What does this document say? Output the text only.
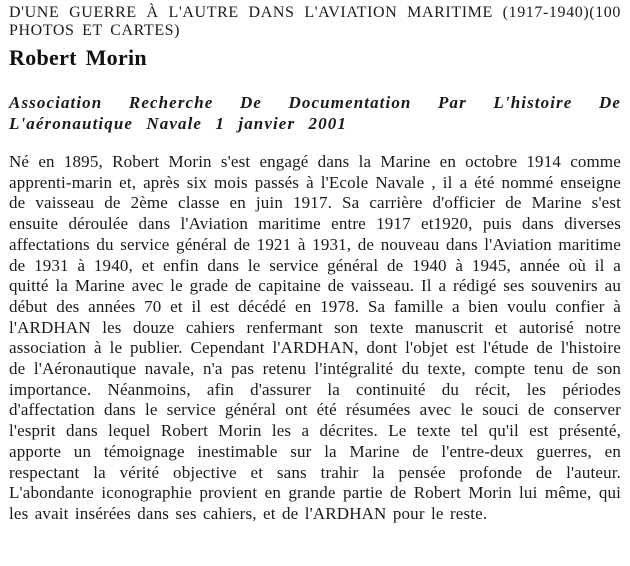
D'UNE GUERRE À L'AUTRE DANS L'AVIATION MARITIME (1917-1940)(100 PHOTOS ET CARTES)
Robert Morin

Association Recherche De Documentation Par L'histoire De L'aéronautique Navale 1 janvier 2001

Né en 1895, Robert Morin s'est engagé dans la Marine en octobre 1914 comme apprenti-marin et, après six mois passés à l'Ecole Navale , il a été nommé enseigne de vaisseau de 2ème classe en juin 1917. Sa carrière d'officier de Marine s'est ensuite déroulée dans l'Aviation maritime entre 1917 et1920, puis dans diverses affectations du service général de 1921 à 1931, de nouveau dans l'Aviation maritime de 1931 à 1940, et enfin dans le service général de 1940 à 1945, année où il a quitté la Marine avec le grade de capitaine de vaisseau. Il a rédigé ses souvenirs au début des années 70 et il est décédé en 1978. Sa famille a bien voulu confier à l'ARDHAN les douze cahiers renfermant son texte manuscrit et autorisé notre association à le publier. Cependant l'ARDHAN, dont l'objet est l'étude de l'histoire de l'Aéronautique navale, n'a pas retenu l'intégralité du texte, compte tenu de son importance. Néanmoins, afin d'assurer la continuité du récit, les périodes d'affectation dans le service général ont été résumées avec le souci de conserver l'esprit dans lequel Robert Morin les a décrites. Le texte tel qu'il est présenté, apporte un témoignage inestimable sur la Marine de l'entre-deux guerres, en respectant la vérité objective et sans trahir la pensée profonde de l'auteur. L'abondante iconographie provient en grande partie de Robert Morin lui même, qui les avait insérées dans ses cahiers, et de l'ARDHAN pour le reste.
